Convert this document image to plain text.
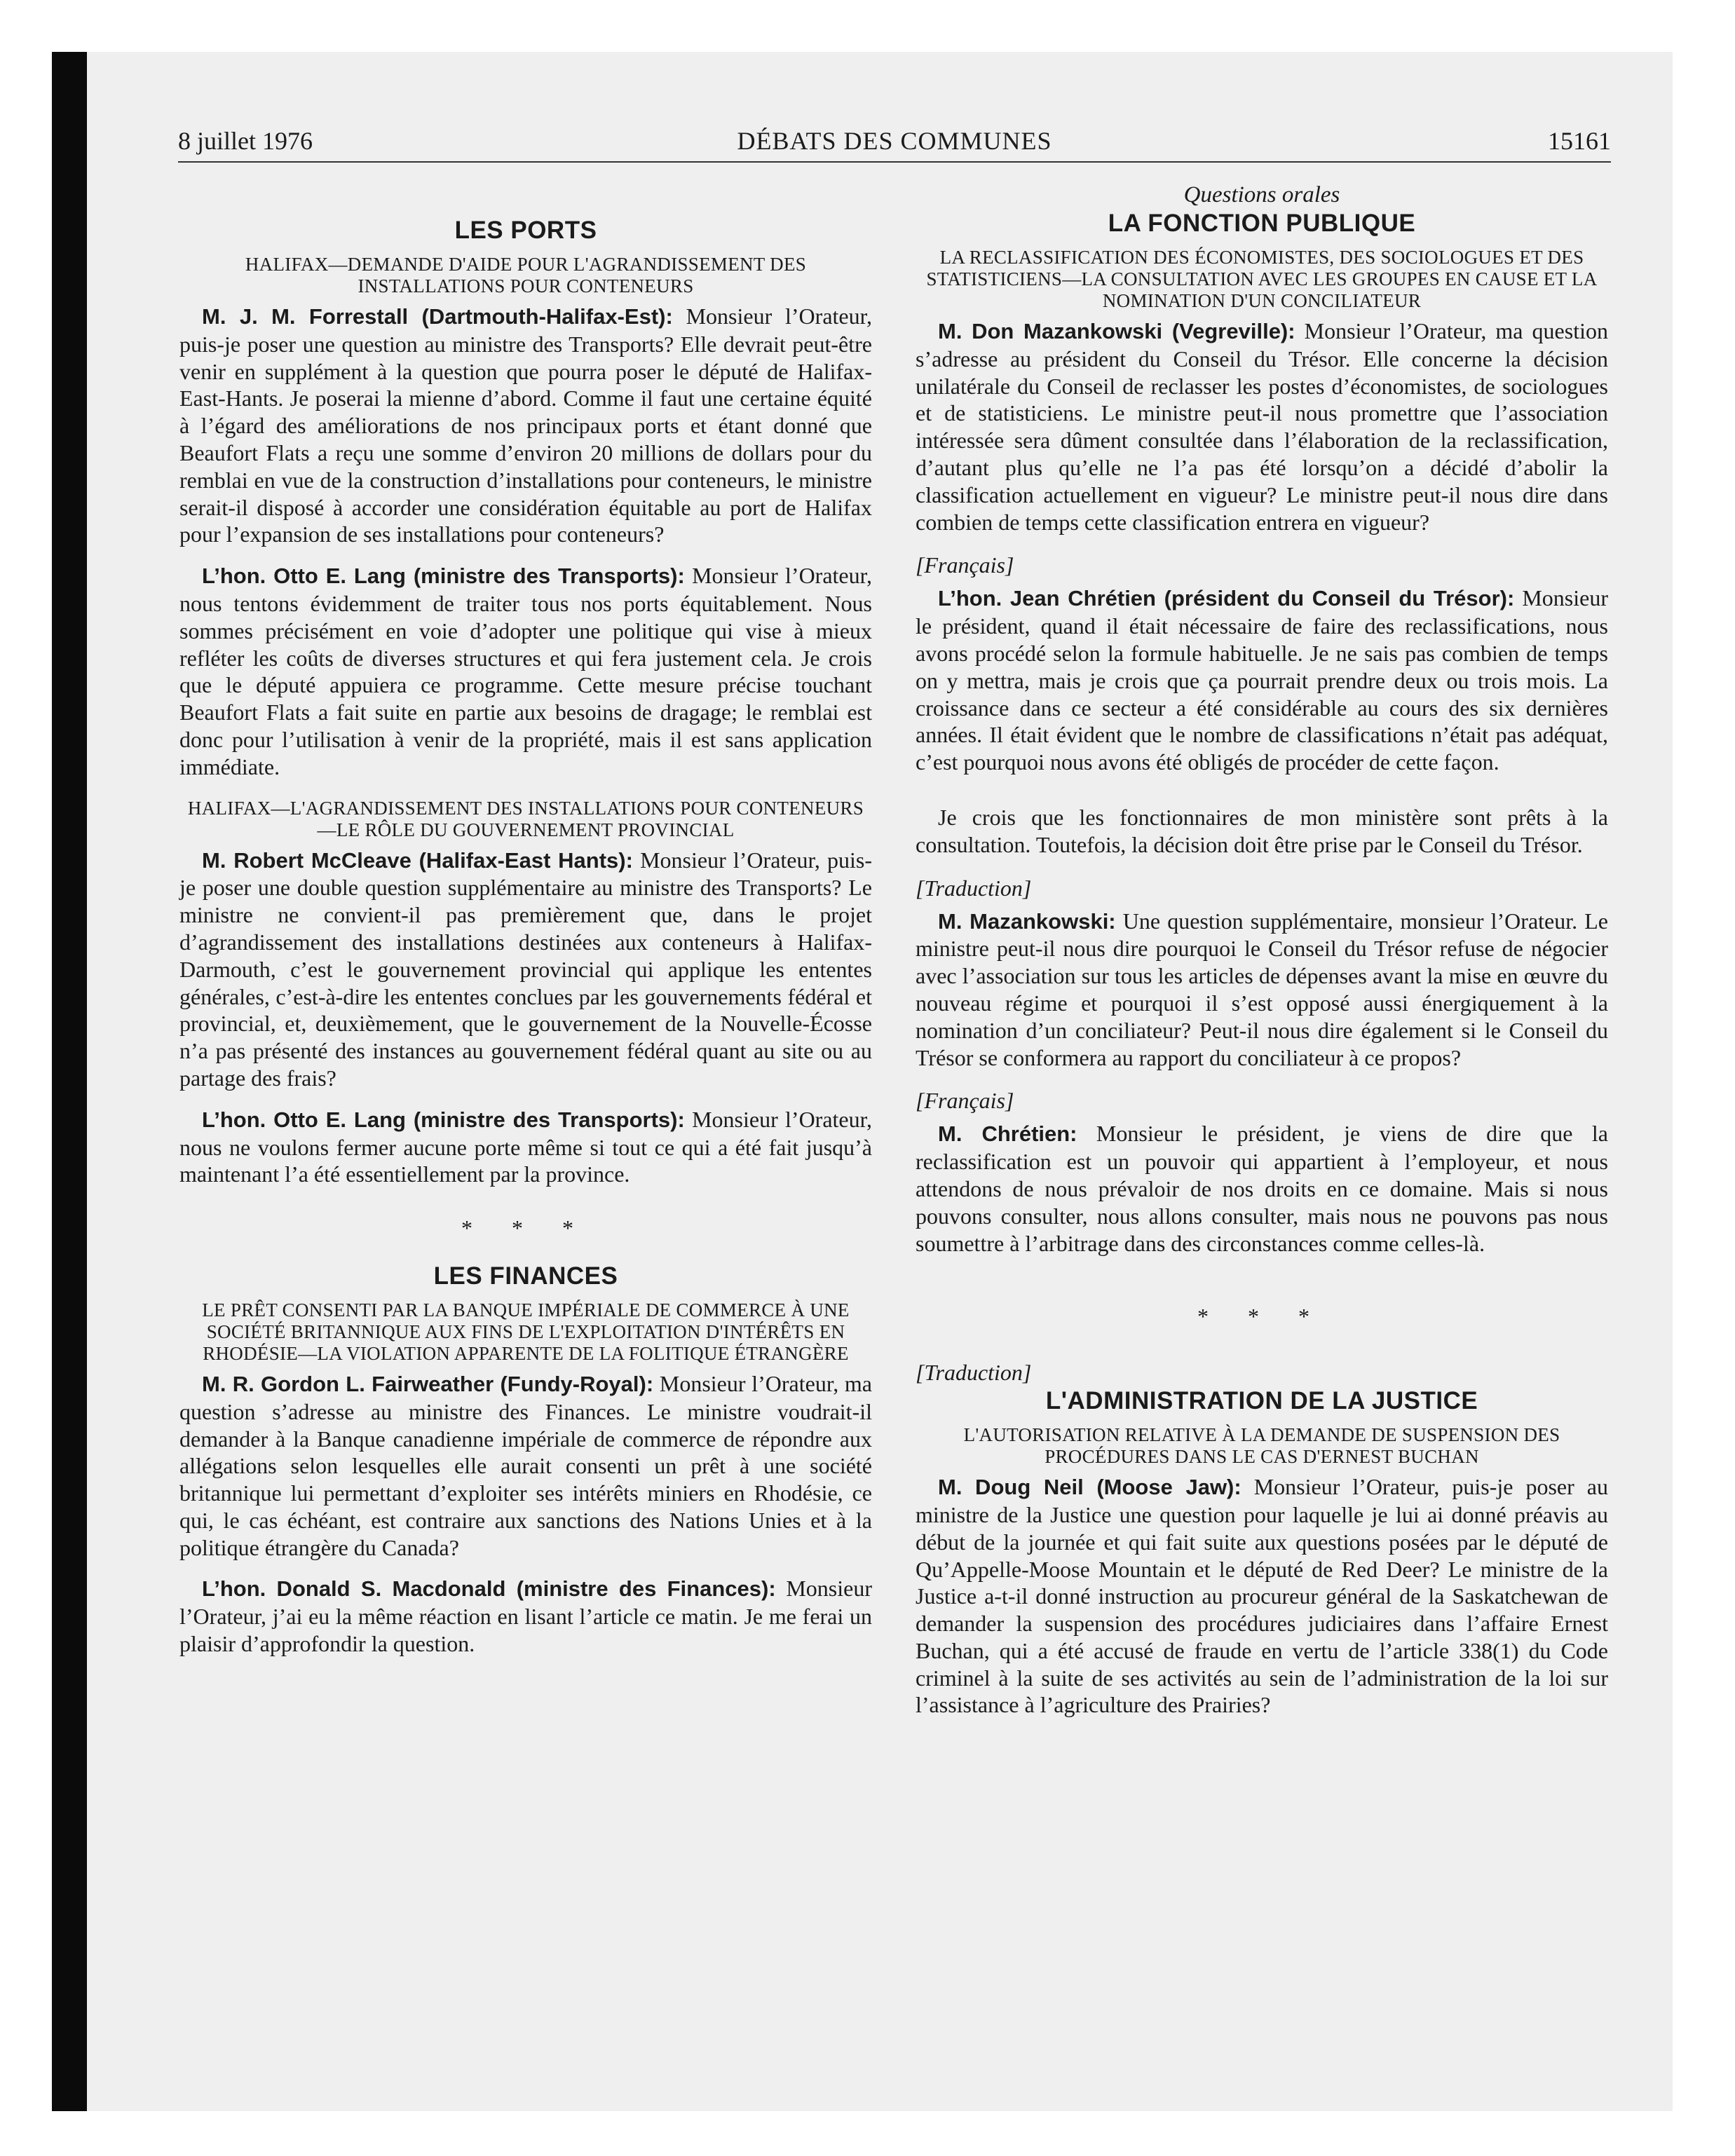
8 juillet 1976	DÉBATS DES COMMUNES	15161
LES PORTS
HALIFAX—DEMANDE D'AIDE POUR L'AGRANDISSEMENT DES INSTALLATIONS POUR CONTENEURS

M. J. M. Forrestall (Dartmouth-Halifax-Est): Monsieur l’Orateur, puis-je poser une question au ministre des Transports? Elle devrait peut-être venir en supplément à la question que pourra poser le député de Halifax-East-Hants. Je poserai la mienne d’abord. Comme il faut une certaine équité à l’égard des améliorations de nos principaux ports et étant donné que Beaufort Flats a reçu une somme d’environ 20 millions de dollars pour du remblai en vue de la construction d’installations pour conteneurs, le ministre serait-il disposé à accorder une considération équitable au port de Halifax pour l’expansion de ses installations pour conteneurs?

L’hon. Otto E. Lang (ministre des Transports): Monsieur l’Orateur, nous tentons évidemment de traiter tous nos ports équitablement. Nous sommes précisément en voie d’adopter une politique qui vise à mieux refléter les coûts de diverses structures et qui fera justement cela. Je crois que le député appuiera ce programme. Cette mesure précise touchant Beaufort Flats a fait suite en partie aux besoins de dragage; le remblai est donc pour l’utilisation à venir de la propriété, mais il est sans application immédiate.

HALIFAX—L'AGRANDISSEMENT DES INSTALLATIONS POUR CONTENEURS—LE RÔLE DU GOUVERNEMENT PROVINCIAL

M. Robert McCleave (Halifax-East Hants): Monsieur l’Orateur, puis-je poser une double question supplémentaire au ministre des Transports? Le ministre ne convient-il pas premièrement que, dans le projet d’agrandissement des installations destinées aux conteneurs à Halifax-Darmouth, c’est le gouvernement provincial qui applique les ententes générales, c’est-à-dire les ententes conclues par les gouvernements fédéral et provincial, et, deuxièmement, que le gouvernement de la Nouvelle-Écosse n’a pas présenté des instances au gouvernement fédéral quant au site ou au partage des frais?

L’hon. Otto E. Lang (ministre des Transports): Monsieur l’Orateur, nous ne voulons fermer aucune porte même si tout ce qui a été fait jusqu’à maintenant l’a été essentiellement par la province.

* * *
LES FINANCES
LE PRÊT CONSENTI PAR LA BANQUE IMPÉRIALE DE COMMERCE À UNE SOCIÉTÉ BRITANNIQUE AUX FINS DE L'EXPLOITATION D'INTÉRÊTS EN RHODÉSIE—LA VIOLATION APPARENTE DE LA FOLITIQUE ÉTRANGÈRE

M. R. Gordon L. Fairweather (Fundy-Royal): Monsieur l’Orateur, ma question s’adresse au ministre des Finances. Le ministre voudrait-il demander à la Banque canadienne impériale de commerce de répondre aux allégations selon lesquelles elle aurait consenti un prêt à une société britannique lui permettant d’exploiter ses intérêts miniers en Rhodésie, ce qui, le cas échéant, est contraire aux sanctions des Nations Unies et à la politique étrangère du Canada?

L’hon. Donald S. Macdonald (ministre des Finances): Monsieur l’Orateur, j’ai eu la même réaction en lisant l’article ce matin. Je me ferai un plaisir d’approfondir la question.

Questions orales
LA FONCTION PUBLIQUE
LA RECLASSIFICATION DES ÉCONOMISTES, DES SOCIOLOGUES ET DES STATISTICIENS—LA CONSULTATION AVEC LES GROUPES EN CAUSE ET LA NOMINATION D'UN CONCILIATEUR

M. Don Mazankowski (Vegreville): Monsieur l’Orateur, ma question s’adresse au président du Conseil du Trésor. Elle concerne la décision unilatérale du Conseil de reclasser les postes d’économistes, de sociologues et de statisticiens. Le ministre peut-il nous promettre que l’association intéressée sera dûment consultée dans l’élaboration de la reclassification, d’autant plus qu’elle ne l’a pas été lorsqu’on a décidé d’abolir la classification actuellement en vigueur? Le ministre peut-il nous dire dans combien de temps cette classification entrera en vigueur?

[Français]

L’hon. Jean Chrétien (président du Conseil du Trésor): Monsieur le président, quand il était nécessaire de faire des reclassifications, nous avons procédé selon la formule habituelle. Je ne sais pas combien de temps on y mettra, mais je crois que ça pourrait prendre deux ou trois mois. La croissance dans ce secteur a été considérable au cours des six dernières années. Il était évident que le nombre de classifications n’était pas adéquat, c’est pourquoi nous avons été obligés de procéder de cette façon.

Je crois que les fonctionnaires de mon ministère sont prêts à la consultation. Toutefois, la décision doit être prise par le Conseil du Trésor.

[Traduction]

M. Mazankowski: Une question supplémentaire, monsieur l’Orateur. Le ministre peut-il nous dire pourquoi le Conseil du Trésor refuse de négocier avec l’association sur tous les articles de dépenses avant la mise en œuvre du nouveau régime et pourquoi il s’est opposé aussi énergiquement à la nomination d’un conciliateur? Peut-il nous dire également si le Conseil du Trésor se conformera au rapport du conciliateur à ce propos?

[Français]

M. Chrétien: Monsieur le président, je viens de dire que la reclassification est un pouvoir qui appartient à l’employeur, et nous attendons de nous prévaloir de nos droits en ce domaine. Mais si nous pouvons consulter, nous allons consulter, mais nous ne pouvons pas nous soumettre à l’arbitrage dans des circonstances comme celles-là.

* * *
[Traduction]
L'ADMINISTRATION DE LA JUSTICE
L'AUTORISATION RELATIVE À LA DEMANDE DE SUSPENSION DES PROCÉDURES DANS LE CAS D'ERNEST BUCHAN

M. Doug Neil (Moose Jaw): Monsieur l’Orateur, puis-je poser au ministre de la Justice une question pour laquelle je lui ai donné préavis au début de la journée et qui fait suite aux questions posées par le député de Qu’Appelle-Moose Mountain et le député de Red Deer? Le ministre de la Justice a-t-il donné instruction au procureur général de la Saskatchewan de demander la suspension des procédures judiciaires dans l’affaire Ernest Buchan, qui a été accusé de fraude en vertu de l’article 338(1) du Code criminel à la suite de ses activités au sein de l’administration de la loi sur l’assistance à l’agriculture des Prairies?
